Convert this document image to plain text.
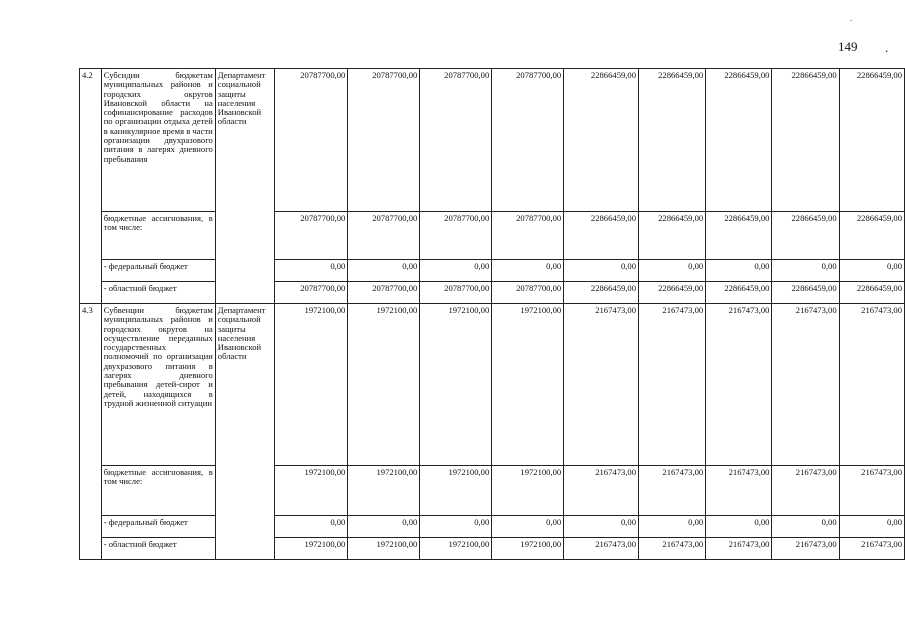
.
149 .
4.2	Субсидии бюджетам муниципальных районов и городских округов Ивановской области на софинансирование расходов по организации отдыха детей в каникулярное время в части организации двухразового питания в лагерях дневного пребывания	Департамент социальной защиты населения Ивановской области	20787700,00	20787700,00	20787700,00	20787700,00	22866459,00	22866459,00	22866459,00	22866459,00	22866459,00
	бюджетные ассигнования, в том числе:		20787700,00	20787700,00	20787700,00	20787700,00	22866459,00	22866459,00	22866459,00	22866459,00	22866459,00
	- федеральный бюджет		0,00	0,00	0,00	0,00	0,00	0,00	0,00	0,00	0,00
	- областной бюджет		20787700,00	20787700,00	20787700,00	20787700,00	22866459,00	22866459,00	22866459,00	22866459,00	22866459,00
4.3	Субвенции бюджетам муниципальных районов и городских округов на осуществление переданных государственных полномочий по организации двухразового питания в лагерях дневного пребывания детей-сирот и детей, находящихся в трудной жизненной ситуации	Департамент социальной защиты населения Ивановской области	1972100,00	1972100,00	1972100,00	1972100,00	2167473,00	2167473,00	2167473,00	2167473,00	2167473,00
	бюджетные ассигнования, в том числе:		1972100,00	1972100,00	1972100,00	1972100,00	2167473,00	2167473,00	2167473,00	2167473,00	2167473,00
	- федеральный бюджет		0,00	0,00	0,00	0,00	0,00	0,00	0,00	0,00	0,00
	- областной бюджет		1972100,00	1972100,00	1972100,00	1972100,00	2167473,00	2167473,00	2167473,00	2167473,00	2167473,00
